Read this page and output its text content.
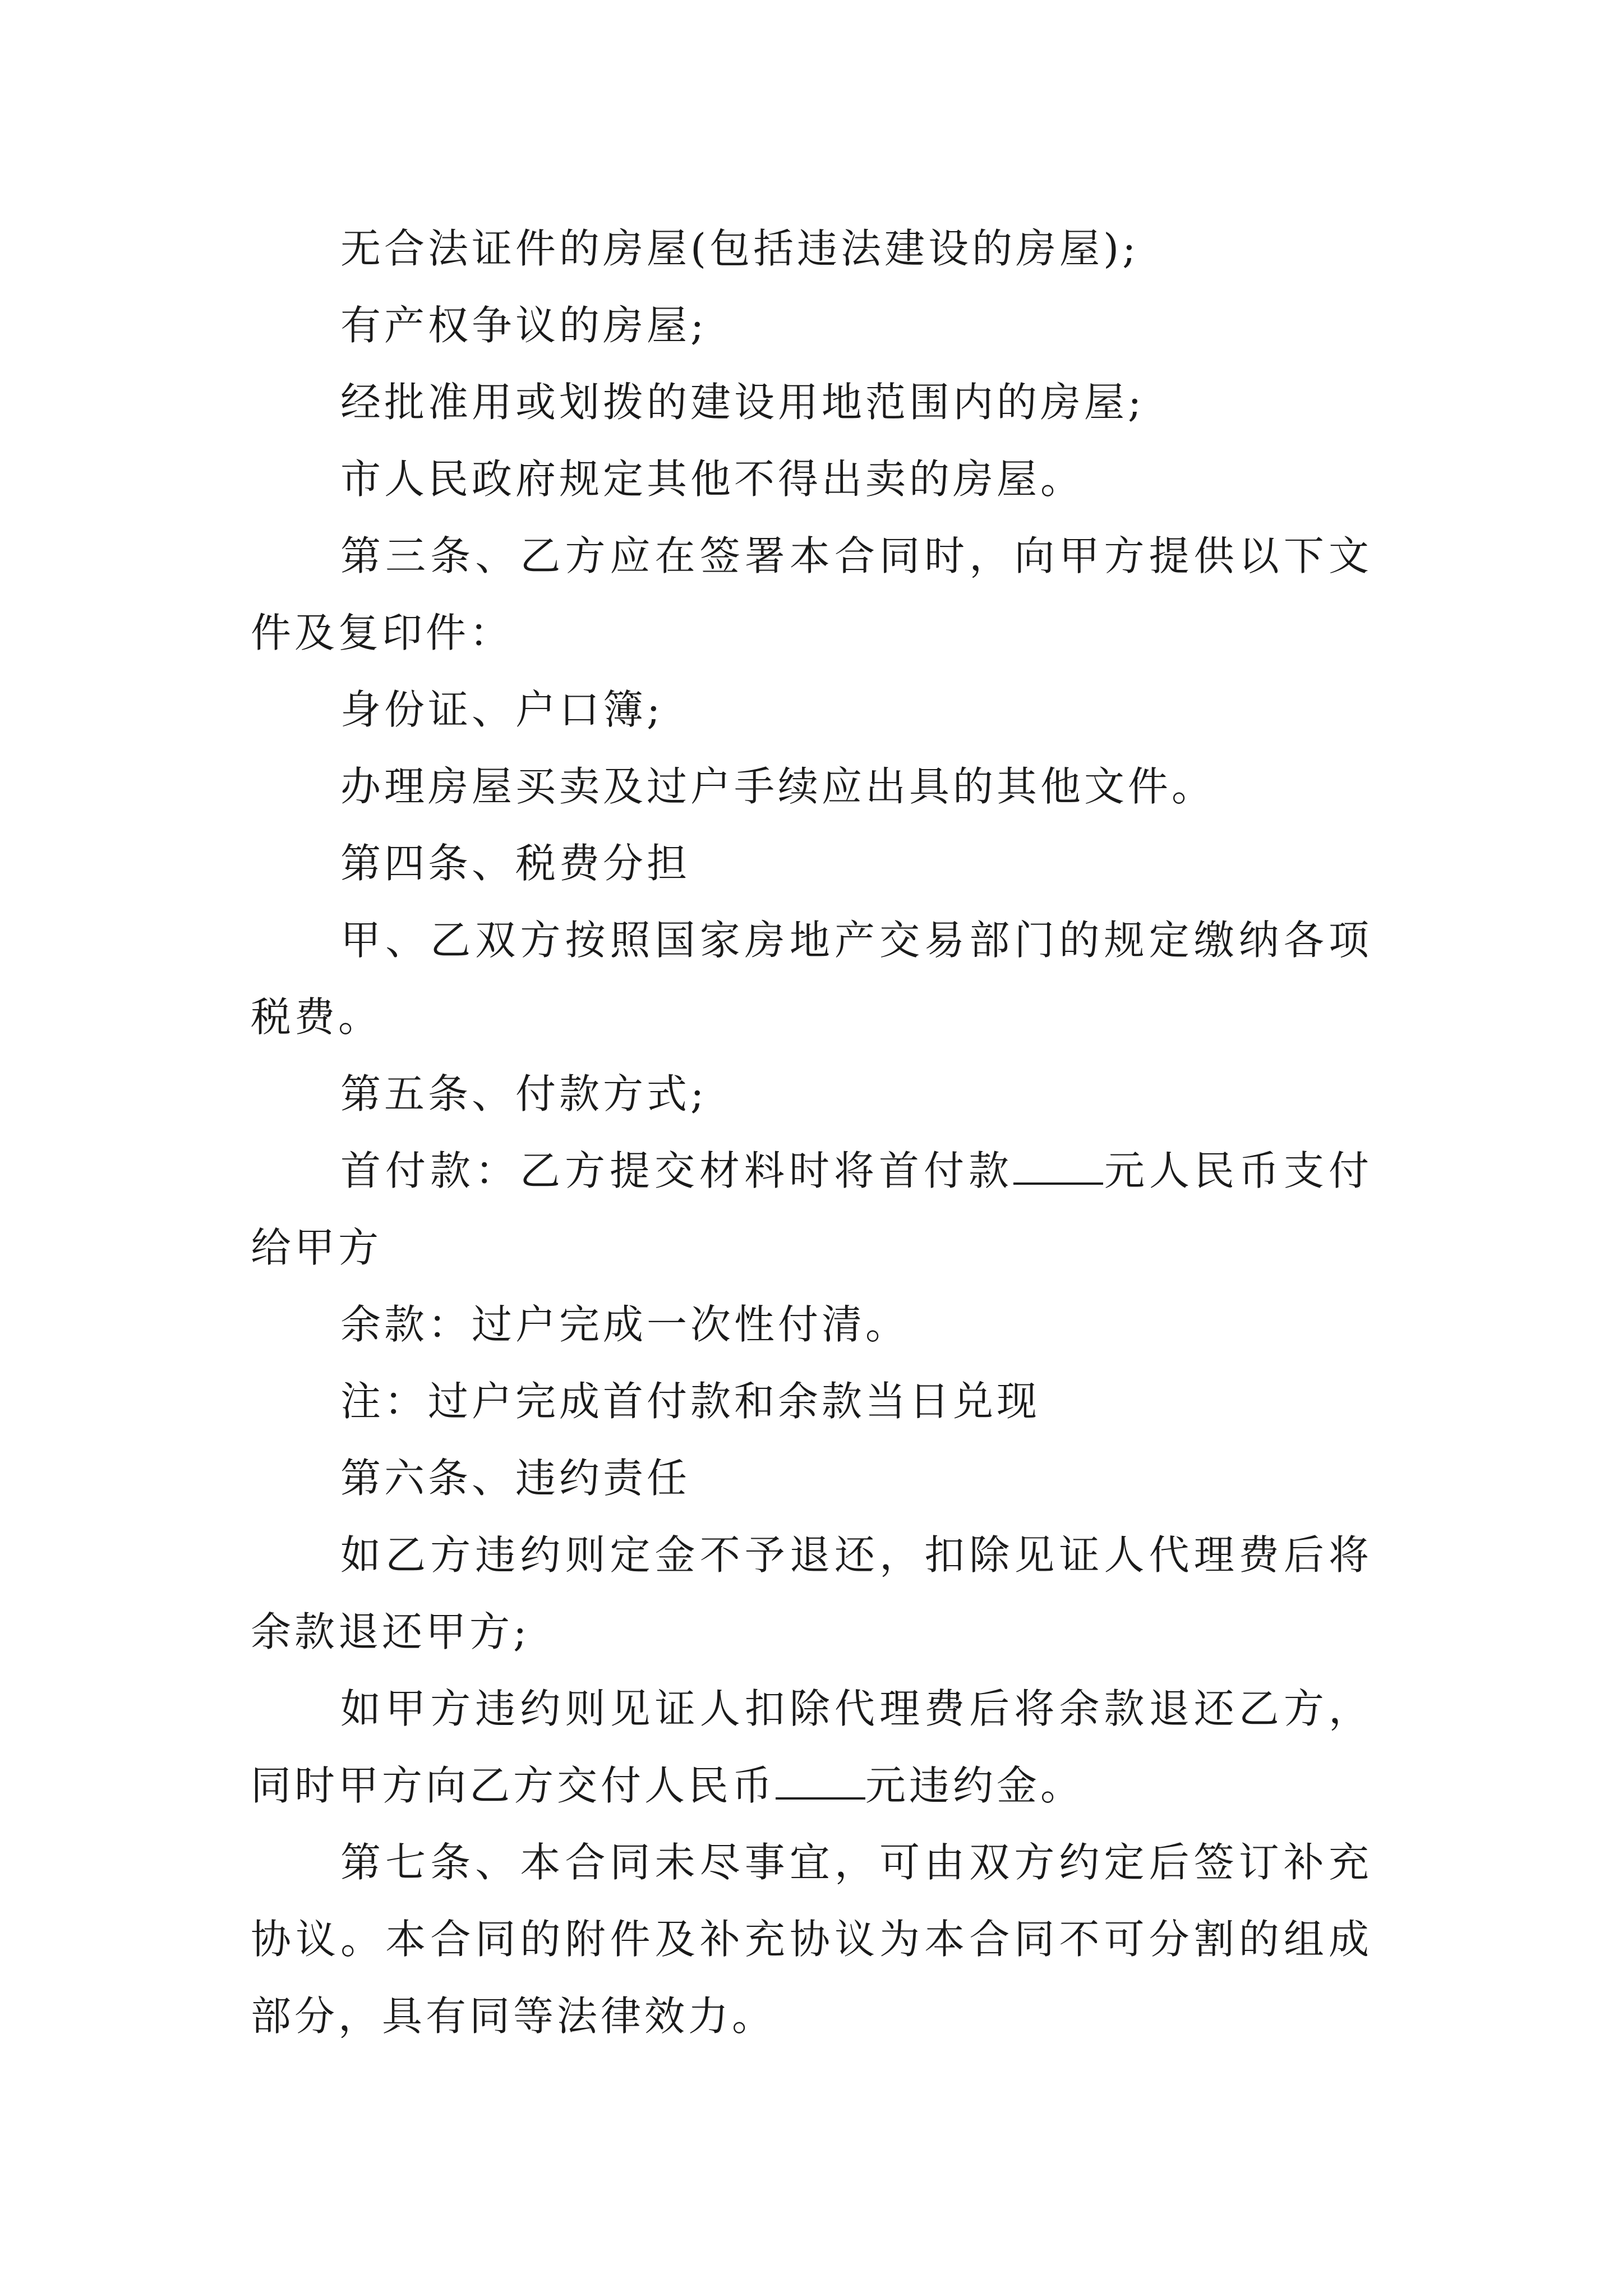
无合法证件的房屋(包括违法建设的房屋);

有产权争议的房屋;

经批准用或划拨的建设用地范围内的房屋;

市人民政府规定其他不得出卖的房屋。

第三条、乙方应在签署本合同时，向甲方提供以下文件及复印件：

身份证、户口簿;

办理房屋买卖及过户手续应出具的其他文件。

第四条、税费分担

甲、乙双方按照国家房地产交易部门的规定缴纳各项税费。

第五条、付款方式;

首付款：乙方提交材料时将首付款 元人民币支付给甲方

余款：过户完成一次性付清。

注：过户完成首付款和余款当日兑现

第六条、违约责任

如乙方违约则定金不予退还，扣除见证人代理费后将余款退还甲方;

如甲方违约则见证人扣除代理费后将余款退还乙方，同时甲方向乙方交付人民币 元违约金。

第七条、本合同未尽事宜，可由双方约定后签订补充协议。本合同的附件及补充协议为本合同不可分割的组成部分，具有同等法律效力。
